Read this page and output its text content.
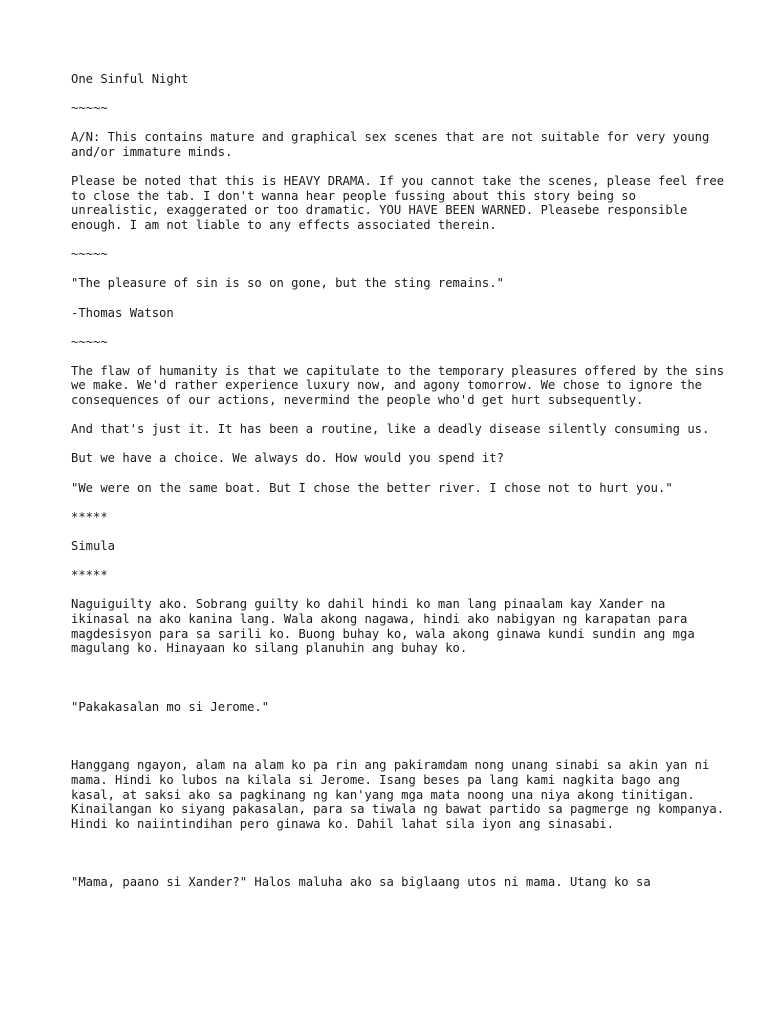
One Sinful Night

~~~~~

A/N: This contains mature and graphical sex scenes that are not suitable for very young and/or immature minds.

Please be noted that this is HEAVY DRAMA. If you cannot take the scenes, please feel free to close the tab. I don't wanna hear people fussing about this story being so unrealistic, exaggerated or too dramatic. YOU HAVE BEEN WARNED. Pleasebe responsible enough. I am not liable to any effects associated therein.

~~~~~

"The pleasure of sin is so on gone, but the sting remains."

-Thomas Watson

~~~~~

The flaw of humanity is that we capitulate to the temporary pleasures offered by the sins we make. We'd rather experience luxury now, and agony tomorrow. We chose to ignore the consequences of our actions, nevermind the people who'd get hurt subsequently.

And that's just it. It has been a routine, like a deadly disease silently consuming us.

But we have a choice. We always do. How would you spend it?

"We were on the same boat. But I chose the better river. I chose not to hurt you."

*****

Simula

*****

Naguiguilty ako. Sobrang guilty ko dahil hindi ko man lang pinaalam kay Xander na ikinasal na ako kanina lang. Wala akong nagawa, hindi ako nabigyan ng karapatan para magdesisyon para sa sarili ko. Buong buhay ko, wala akong ginawa kundi sundin ang mga magulang ko. Hinayaan ko silang planuhin ang buhay ko.

"Pakakasalan mo si Jerome."

Hanggang ngayon, alam na alam ko pa rin ang pakiramdam nong unang sinabi sa akin yan ni mama. Hindi ko lubos na kilala si Jerome. Isang beses pa lang kami nagkita bago ang kasal, at saksi ako sa pagkinang ng kan'yang mga mata noong una niya akong tinitigan. Kinailangan ko siyang pakasalan, para sa tiwala ng bawat partido sa pagmerge ng kompanya. Hindi ko naiintindihan pero ginawa ko. Dahil lahat sila iyon ang sinasabi.

"Mama, paano si Xander?" Halos maluha ako sa biglaang utos ni mama. Utang ko sa
